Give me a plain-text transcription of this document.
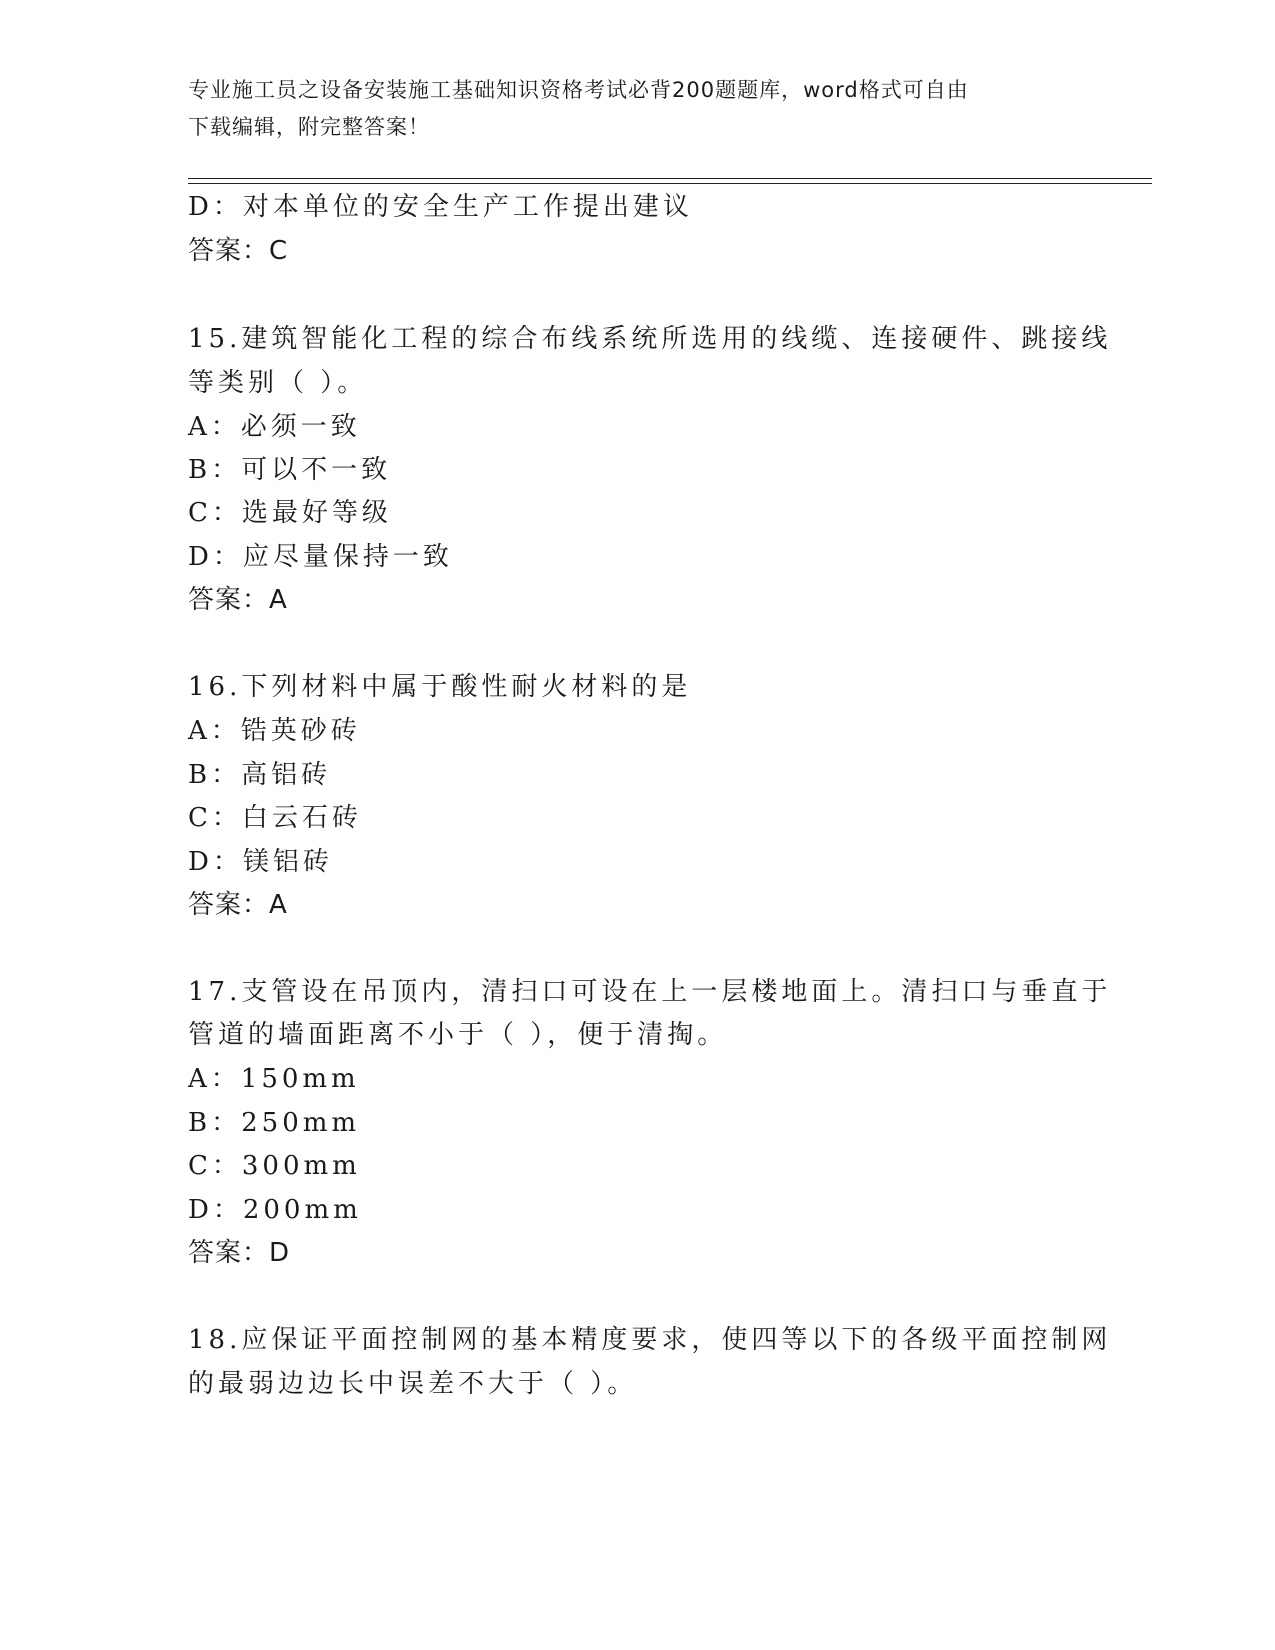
专业施工员之设备安装施工基础知识资格考试必背200题题库，word格式可自由
下载编辑，附完整答案！
D：对本单位的安全生产工作提出建议
答案：C
15.建筑智能化工程的综合布线系统所选用的线缆、连接硬件、跳接线
等类别（ ）。
A：必须一致
B：可以不一致
C：选最好等级
D：应尽量保持一致
答案：A
16.下列材料中属于酸性耐火材料的是
A：锆英砂砖
B：高铝砖
C：白云石砖
D：镁铝砖
答案：A
17.支管设在吊顶内，清扫口可设在上一层楼地面上。清扫口与垂直于
管道的墙面距离不小于（ ），便于清掏。
A：150mm
B：250mm
C：300mm
D：200mm
答案：D
18.应保证平面控制网的基本精度要求，使四等以下的各级平面控制网
的最弱边边长中误差不大于（ ）。
